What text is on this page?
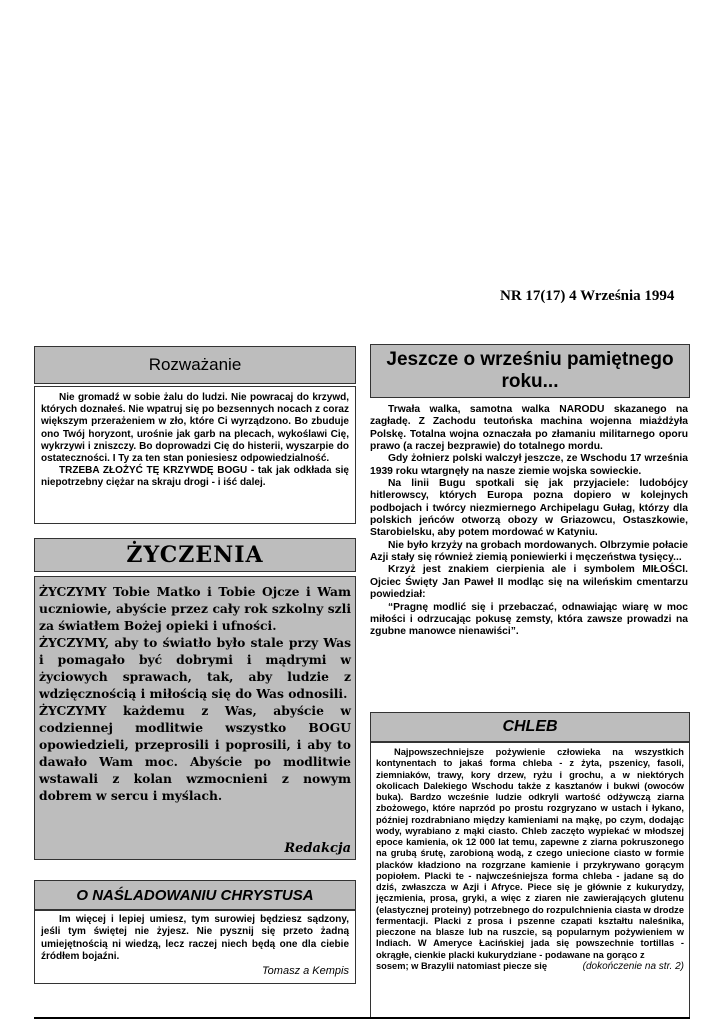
NR 17(17) 4 Września 1994
Rozważanie

Nie gromadź w sobie żalu do ludzi. Nie powracaj do krzywd, których doznałeś. Nie wpatruj się po bezsennych nocach z coraz większym przerażeniem w zło, które Ci wyrządzono. Bo zbuduje ono Twój horyzont, urośnie jak garb na plecach, wykoślawi Cię, wykrzywi i zniszczy. Bo doprowadzi Cię do histerii, wyszarpie do ostateczności. I Ty za ten stan poniesiesz odpowiedzialność.

TRZEBA ZŁOŻYĆ TĘ KRZYWDĘ BOGU - tak jak odkłada się niepotrzebny ciężar na skraju drogi - i iść dalej.

ŻYCZENIA

ŻYCZYMY Tobie Matko i Tobie Ojcze i Wam uczniowie, abyście przez cały rok szkolny szli za światłem Bożej opieki i ufności.

ŻYCZYMY, aby to światło było stale przy Was i pomagało być dobrymi i mądrymi w życiowych sprawach, tak, aby ludzie z wdzięcznością i miłością się do Was odnosili.

ŻYCZYMY każdemu z Was, abyście w codziennej modlitwie wszystko BOGU opowiedzieli, przeprosili i poprosili, i aby to dawało Wam moc. Abyście po modlitwie wstawali z kolan wzmocnieni z nowym dobrem w sercu i myślach.

Redakcja
O NAŚLADOWANIU CHRYSTUSA

Im więcej i lepiej umiesz, tym surowiej będziesz sądzony, jeśli tym świętej nie żyjesz. Nie pysznij się przeto żadną umiejętnością ni wiedzą, lecz raczej niech będą one dla ciebie źródłem bojaźni.

Tomasz a Kempis
Jeszcze o wrześniu pamiętnego roku...

Trwała walka, samotna walka NARODU skazanego na zagładę. Z Zachodu teutońska machina wojenna miażdżyła Polskę. Totalna wojna oznaczała po złamaniu militarnego oporu prawo (a raczej bezprawie) do totalnego mordu.

Gdy żołnierz polski walczył jeszcze, ze Wschodu 17 września 1939 roku wtargnęły na nasze ziemie wojska sowieckie.

Na linii Bugu spotkali się jak przyjaciele: ludobójcy hitlerowscy, których Europa pozna dopiero w kolejnych podbojach i twórcy niezmiernego Archipelagu Gułag, którzy dla polskich jeńców otworzą obozy w Griazowcu, Ostaszkowie, Starobielsku, aby potem mordować w Katyniu.

Nie było krzyży na grobach mordowanych. Olbrzymie połacie Azji stały się również ziemią poniewierki i męczeństwa tysięcy...

Krzyż jest znakiem cierpienia ale i symbolem MIŁOŚCI. Ojciec Święty Jan Paweł II modląc się na wileńskim cmentarzu powiedział:

“Pragnę modlić się i przebaczać, odnawiając wiarę w moc miłości i odrzucając pokusę zemsty, która zawsze prowadzi na zgubne manowce nienawiści”.

CHLEB

Najpowszechniejsze pożywienie człowieka na wszystkich kontynentach to jakaś forma chleba - z żyta, pszenicy, fasoli, ziemniaków, trawy, kory drzew, ryżu i grochu, a w niektórych okolicach Dalekiego Wschodu także z kasztanów i bukwi (owoców buka). Bardzo wcześnie ludzie odkryli wartość odżywczą ziarna zbożowego, które naprzód po prostu rozgryzano w ustach i łykano, później rozdrabniano między kamieniami na mąkę, po czym, dodając wody, wyrabiano z mąki ciasto. Chleb zaczęto wypiekać w młodszej epoce kamienia, ok 12 000 lat temu, zapewne z ziarna pokruszonego na grubą śrutę, zarobioną wodą, z czego uniecione ciasto w formie placków kładziono na rozgrzane kamienie i przykrywano gorącym popiołem. Placki te - najwcześniejsza forma chleba - jadane są do dziś, zwłaszcza w Azji i Afryce. Piece się je głównie z kukurydzy, jęczmienia, prosa, gryki, a więc z ziaren nie zawierających glutenu (elastycznej proteiny) potrzebnego do rozpulchnienia ciasta w drodze fermentacji. Placki z prosa i pszenne czapati kształtu naleśnika, pieczone na blasze lub na ruszcie, są popularnym pożywieniem w Indiach. W Ameryce Łacińskiej jada się powszechnie tortillas - okrągłe, cienkie placki kukurydziane - podawane na gorąco z

sosem; w Brazylii natomiast piecze się	(dokończenie na str. 2)
